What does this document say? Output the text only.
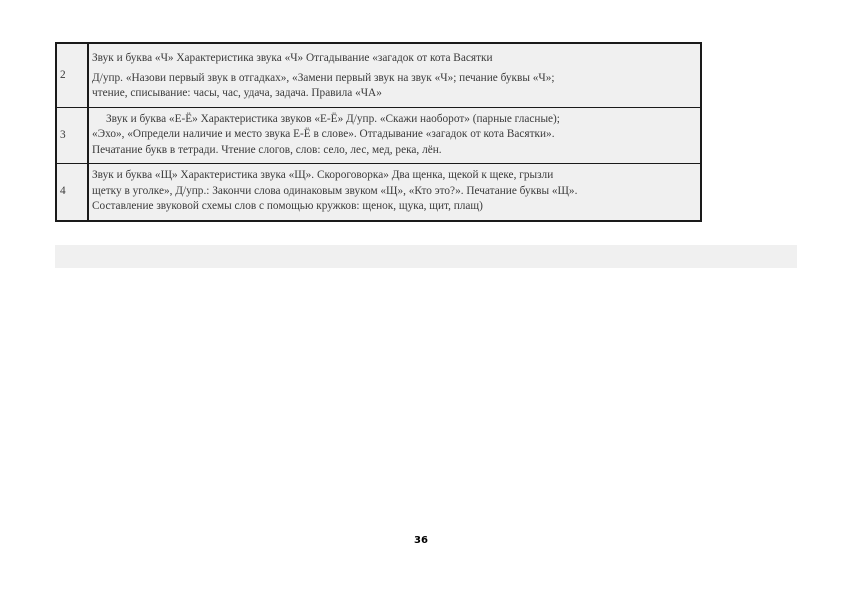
2	Звук и буква «Ч» Характеристика звука «Ч» Отгадывание «загадок от кота Васятки
Д/упр. «Назови первый звук в отгадках», «Замени первый звук на звук «Ч»; печание буквы «Ч»;
чтение, списывание: часы, час, удача, задача. Правила «ЧА»

3	Звук и буква «Е-Ё» Характеристика звуков «Е-Ё» Д/упр. «Скажи наоборот» (парные гласные);
«Эхо», «Определи наличие и место звука Е-Ё в слове». Отгадывание «загадок от кота Васятки».
Печатание букв в тетради. Чтение слогов, слов: село, лес, мед, река, лён.

4	Звук и буква «Щ» Характеристика звука «Щ». Скороговорка» Два щенка, щекой к щеке, грызли
щетку в уголке», Д/упр.: Закончи слова одинаковым звуком «Щ», «Кто это?». Печатание буквы «Щ».
Составление звуковой схемы слов с помощью кружков: щенок, щука, щит, плащ)
36
